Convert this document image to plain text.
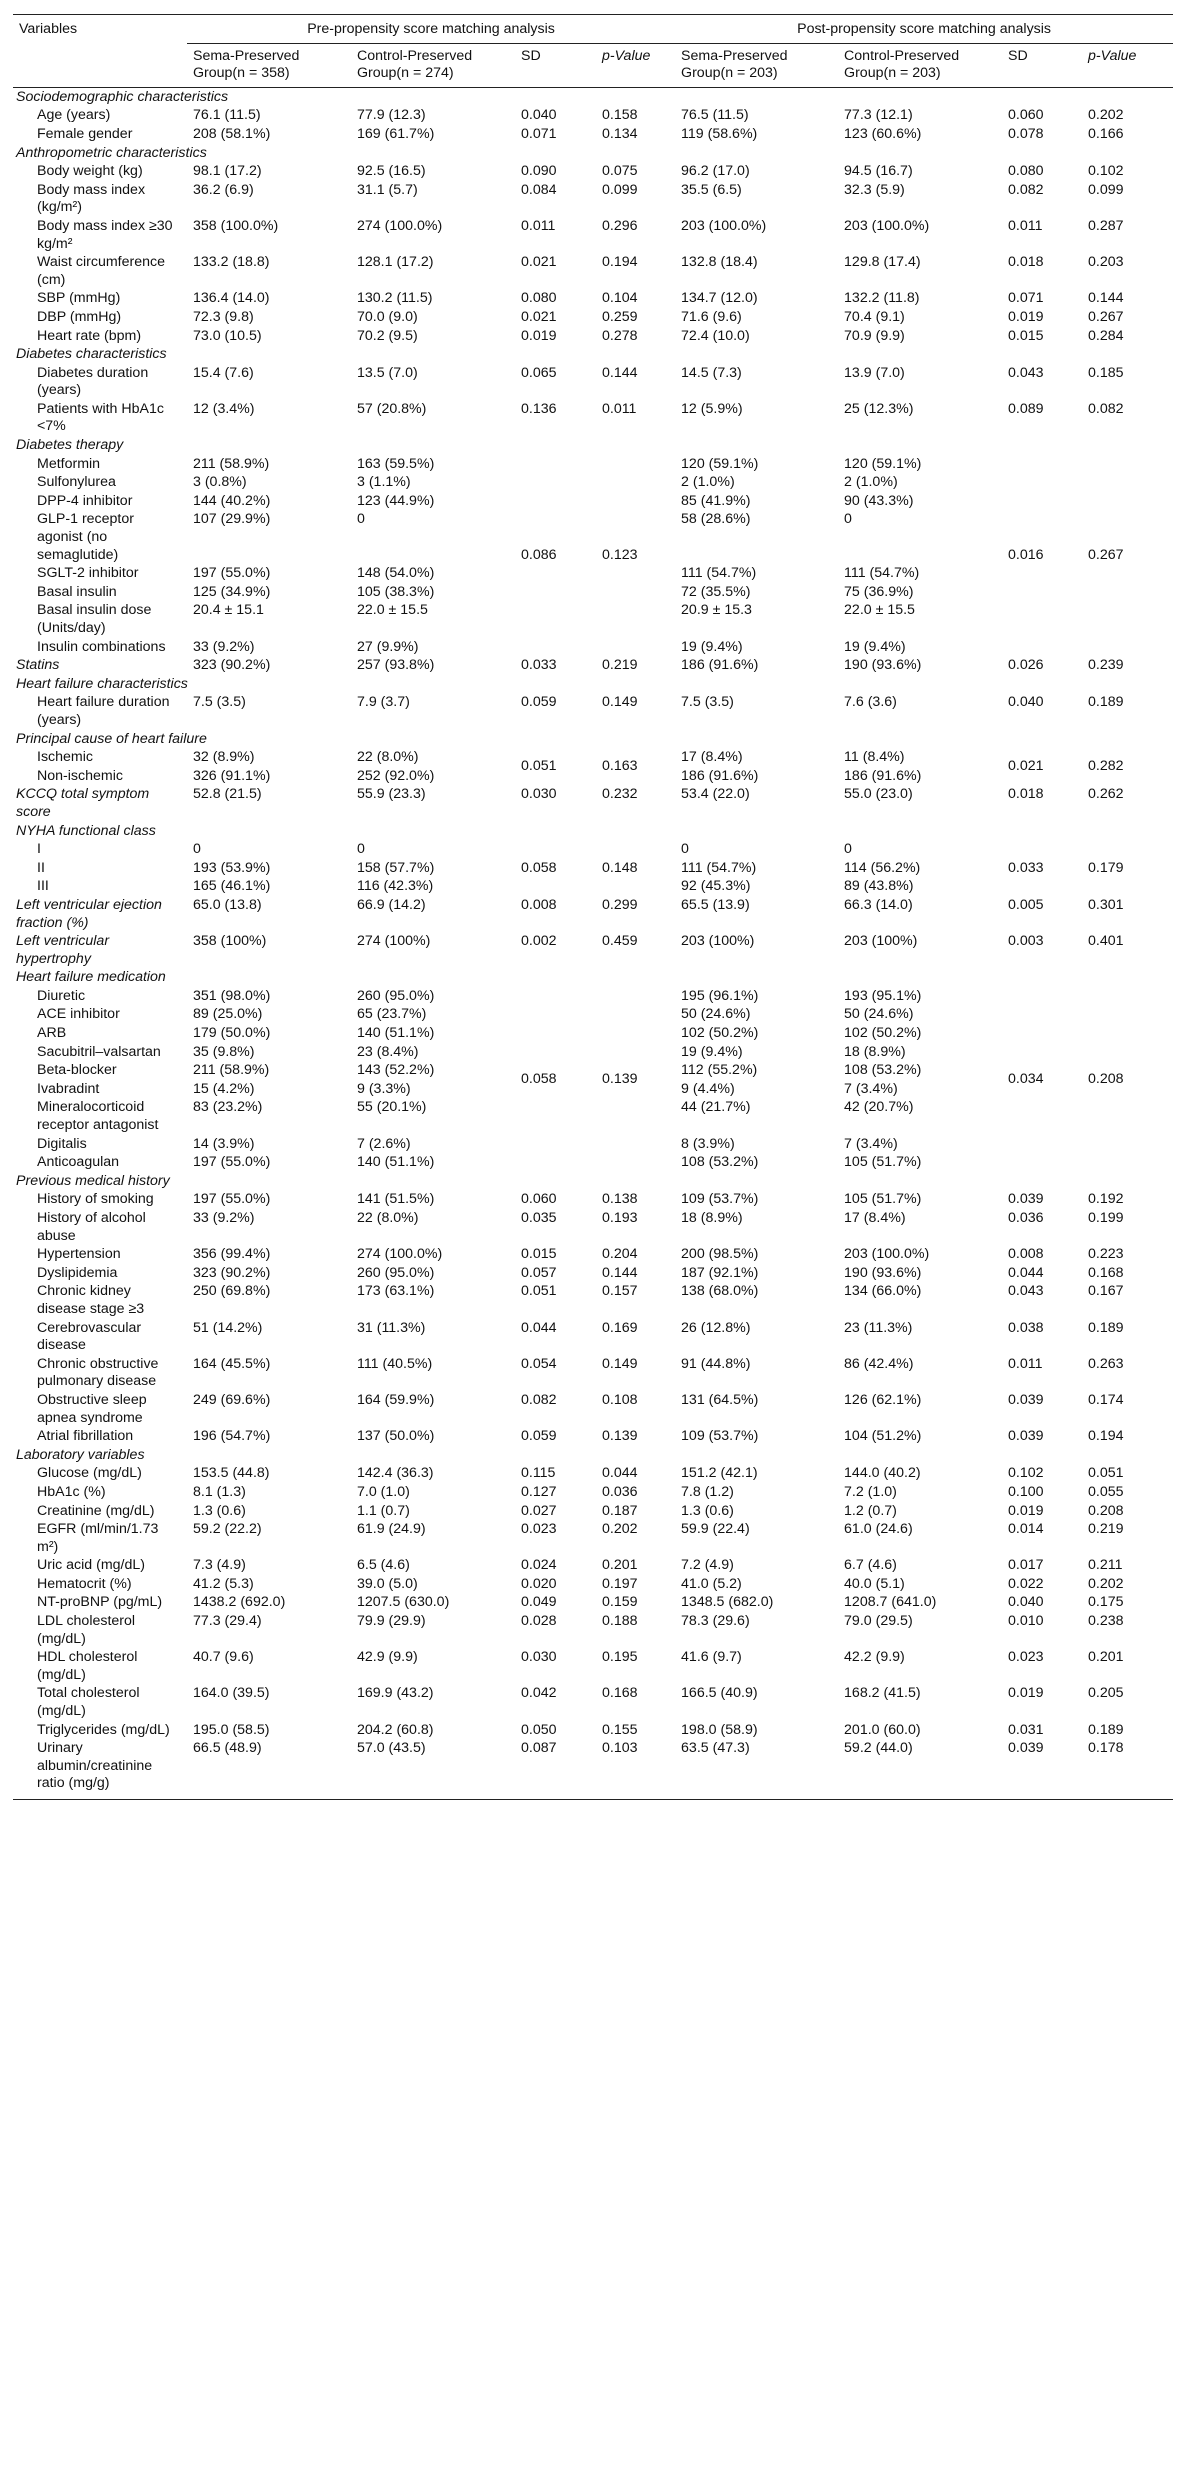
Variables	Pre-propensity score matching analysis				Post-propensity score matching analysis			
	Sema-Preserved Group(n = 358)	Control-Preserved Group(n = 274)	SD	p-Value	Sema-Preserved Group(n = 203)	Control-Preserved Group(n = 203)	SD	p-Value
Sociodemographic characteristics								
Age (years)	76.1 (11.5)	77.9 (12.3)	0.040	0.158	76.5 (11.5)	77.3 (12.1)	0.060	0.202
Female gender	208 (58.1%)	169 (61.7%)	0.071	0.134	119 (58.6%)	123 (60.6%)	0.078	0.166
Anthropometric characteristics								
Body weight (kg)	98.1 (17.2)	92.5 (16.5)	0.090	0.075	96.2 (17.0)	94.5 (16.7)	0.080	0.102
Body mass index (kg/m²)	36.2 (6.9)	31.1 (5.7)	0.084	0.099	35.5 (6.5)	32.3 (5.9)	0.082	0.099
Body mass index ≥30 kg/m²	358 (100.0%)	274 (100.0%)	0.011	0.296	203 (100.0%)	203 (100.0%)	0.011	0.287
Waist circumference (cm)	133.2 (18.8)	128.1 (17.2)	0.021	0.194	132.8 (18.4)	129.8 (17.4)	0.018	0.203
SBP (mmHg)	136.4 (14.0)	130.2 (11.5)	0.080	0.104	134.7 (12.0)	132.2 (11.8)	0.071	0.144
DBP (mmHg)	72.3 (9.8)	70.0 (9.0)	0.021	0.259	71.6 (9.6)	70.4 (9.1)	0.019	0.267
Heart rate (bpm)	73.0 (10.5)	70.2 (9.5)	0.019	0.278	72.4 (10.0)	70.9 (9.9)	0.015	0.284
Diabetes characteristics								
Diabetes duration (years)	15.4 (7.6)	13.5 (7.0)	0.065	0.144	14.5 (7.3)	13.9 (7.0)	0.043	0.185
Patients with HbA1c <7%	12 (3.4%)	57 (20.8%)	0.136	0.011	12 (5.9%)	25 (12.3%)	0.089	0.082
Diabetes therapy								
Metformin	211 (58.9%)	163 (59.5%)	0.086	0.123	120 (59.1%)	120 (59.1%)	0.016	0.267
Sulfonylurea	3 (0.8%)	3 (1.1%)			2 (1.0%)	2 (1.0%)		
DPP-4 inhibitor	144 (40.2%)	123 (44.9%)			85 (41.9%)	90 (43.3%)		
GLP-1 receptor agonist (no semaglutide)	107 (29.9%)	0			58 (28.6%)	0		
SGLT-2 inhibitor	197 (55.0%)	148 (54.0%)			111 (54.7%)	111 (54.7%)		
Basal insulin	125 (34.9%)	105 (38.3%)			72 (35.5%)	75 (36.9%)		
Basal insulin dose (Units/day)	20.4 ± 15.1	22.0 ± 15.5			20.9 ± 15.3	22.0 ± 15.5		
Insulin combinations	33 (9.2%)	27 (9.9%)			19 (9.4%)	19 (9.4%)		
Statins	323 (90.2%)	257 (93.8%)	0.033	0.219	186 (91.6%)	190 (93.6%)	0.026	0.239
Heart failure characteristics								
Heart failure duration (years)	7.5 (3.5)	7.9 (3.7)	0.059	0.149	7.5 (3.5)	7.6 (3.6)	0.040	0.189
Principal cause of heart failure								
Ischemic	32 (8.9%)	22 (8.0%)	0.051	0.163	17 (8.4%)	11 (8.4%)	0.021	0.282
Non-ischemic	326 (91.1%)	252 (92.0%)			186 (91.6%)	186 (91.6%)		
KCCQ total symptom score	52.8 (21.5)	55.9 (23.3)	0.030	0.232	53.4 (22.0)	55.0 (23.0)	0.018	0.262
NYHA functional class								
I	0	0	0.058	0.148	0	0	0.033	0.179
II	193 (53.9%)	158 (57.7%)			111 (54.7%)	114 (56.2%)		
III	165 (46.1%)	116 (42.3%)			92 (45.3%)	89 (43.8%)		
Left ventricular ejection fraction (%)	65.0 (13.8)	66.9 (14.2)	0.008	0.299	65.5 (13.9)	66.3 (14.0)	0.005	0.301
Left ventricular hypertrophy	358 (100%)	274 (100%)	0.002	0.459	203 (100%)	203 (100%)	0.003	0.401
Heart failure medication								
Diuretic	351 (98.0%)	260 (95.0%)	0.058	0.139	195 (96.1%)	193 (95.1%)	0.034	0.208
ACE inhibitor	89 (25.0%)	65 (23.7%)			50 (24.6%)	50 (24.6%)		
ARB	179 (50.0%)	140 (51.1%)			102 (50.2%)	102 (50.2%)		
Sacubitril–valsartan	35 (9.8%)	23 (8.4%)			19 (9.4%)	18 (8.9%)		
Beta-blocker	211 (58.9%)	143 (52.2%)			112 (55.2%)	108 (53.2%)		
Ivabradint	15 (4.2%)	9 (3.3%)			9 (4.4%)	7 (3.4%)		
Mineralocorticoid receptor antagonist	83 (23.2%)	55 (20.1%)			44 (21.7%)	42 (20.7%)		
Digitalis	14 (3.9%)	7 (2.6%)			8 (3.9%)	7 (3.4%)		
Anticoagulan	197 (55.0%)	140 (51.1%)			108 (53.2%)	105 (51.7%)		
Previous medical history								
History of smoking	197 (55.0%)	141 (51.5%)	0.060	0.138	109 (53.7%)	105 (51.7%)	0.039	0.192
History of alcohol abuse	33 (9.2%)	22 (8.0%)	0.035	0.193	18 (8.9%)	17 (8.4%)	0.036	0.199
Hypertension	356 (99.4%)	274 (100.0%)	0.015	0.204	200 (98.5%)	203 (100.0%)	0.008	0.223
Dyslipidemia	323 (90.2%)	260 (95.0%)	0.057	0.144	187 (92.1%)	190 (93.6%)	0.044	0.168
Chronic kidney disease stage ≥3	250 (69.8%)	173 (63.1%)	0.051	0.157	138 (68.0%)	134 (66.0%)	0.043	0.167
Cerebrovascular disease	51 (14.2%)	31 (11.3%)	0.044	0.169	26 (12.8%)	23 (11.3%)	0.038	0.189
Chronic obstructive pulmonary disease	164 (45.5%)	111 (40.5%)	0.054	0.149	91 (44.8%)	86 (42.4%)	0.011	0.263
Obstructive sleep apnea syndrome	249 (69.6%)	164 (59.9%)	0.082	0.108	131 (64.5%)	126 (62.1%)	0.039	0.174
Atrial fibrillation	196 (54.7%)	137 (50.0%)	0.059	0.139	109 (53.7%)	104 (51.2%)	0.039	0.194
Laboratory variables								
Glucose (mg/dL)	153.5 (44.8)	142.4 (36.3)	0.115	0.044	151.2 (42.1)	144.0 (40.2)	0.102	0.051
HbA1c (%)	8.1 (1.3)	7.0 (1.0)	0.127	0.036	7.8 (1.2)	7.2 (1.0)	0.100	0.055
Creatinine (mg/dL)	1.3 (0.6)	1.1 (0.7)	0.027	0.187	1.3 (0.6)	1.2 (0.7)	0.019	0.208
EGFR (ml/min/1.73 m²)	59.2 (22.2)	61.9 (24.9)	0.023	0.202	59.9 (22.4)	61.0 (24.6)	0.014	0.219
Uric acid (mg/dL)	7.3 (4.9)	6.5 (4.6)	0.024	0.201	7.2 (4.9)	6.7 (4.6)	0.017	0.211
Hematocrit (%)	41.2 (5.3)	39.0 (5.0)	0.020	0.197	41.0 (5.2)	40.0 (5.1)	0.022	0.202
NT-proBNP (pg/mL)	1438.2 (692.0)	1207.5 (630.0)	0.049	0.159	1348.5 (682.0)	1208.7 (641.0)	0.040	0.175
LDL cholesterol (mg/dL)	77.3 (29.4)	79.9 (29.9)	0.028	0.188	78.3 (29.6)	79.0 (29.5)	0.010	0.238
HDL cholesterol (mg/dL)	40.7 (9.6)	42.9 (9.9)	0.030	0.195	41.6 (9.7)	42.2 (9.9)	0.023	0.201
Total cholesterol (mg/dL)	164.0 (39.5)	169.9 (43.2)	0.042	0.168	166.5 (40.9)	168.2 (41.5)	0.019	0.205
Triglycerides (mg/dL)	195.0 (58.5)	204.2 (60.8)	0.050	0.155	198.0 (58.9)	201.0 (60.0)	0.031	0.189
Urinary albumin/creatinine ratio (mg/g)	66.5 (48.9)	57.0 (43.5)	0.087	0.103	63.5 (47.3)	59.2 (44.0)	0.039	0.178
